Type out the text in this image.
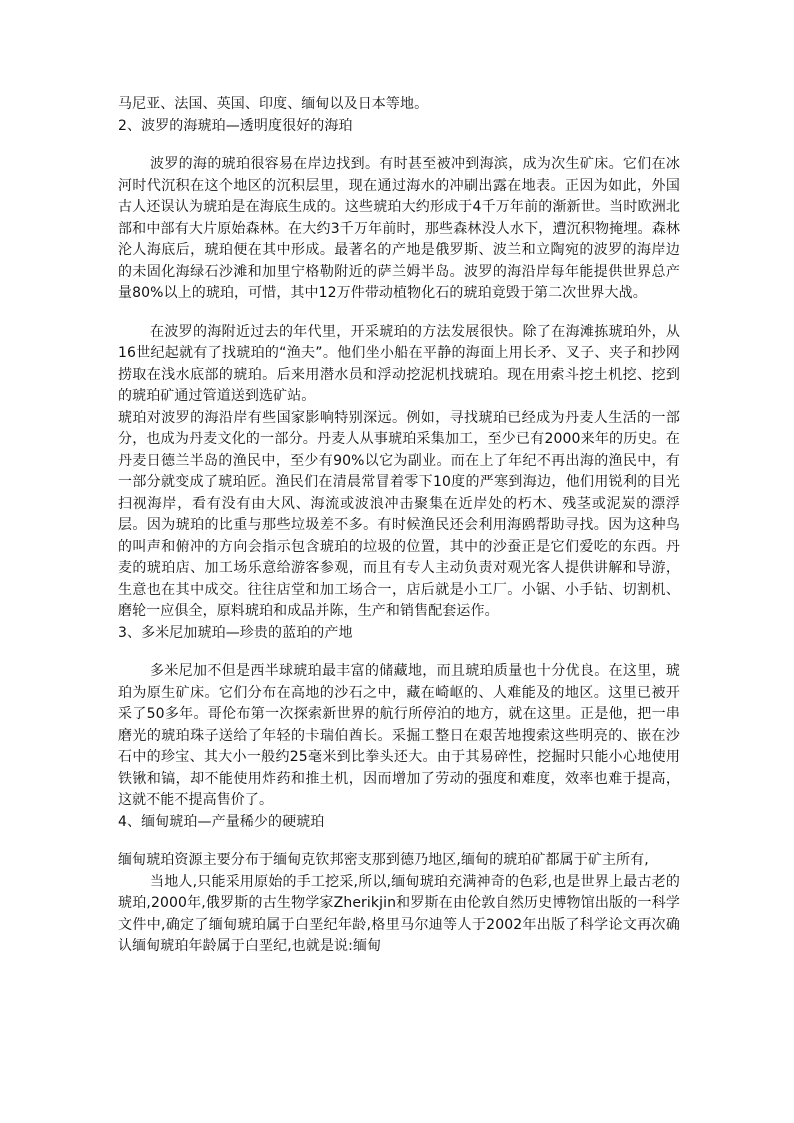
马尼亚、法国、英国、印度、缅甸以及日本等地。

2、波罗的海琥珀—透明度很好的海珀

波罗的海的琥珀很容易在岸边找到。有时甚至被冲到海滨，成为次生矿床。它们在冰河时代沉积在这个地区的沉积层里，现在通过海水的冲刷出露在地表。正因为如此，外国古人还误认为琥珀是在海底生成的。这些琥珀大约形成于4千万年前的渐新世。当时欧洲北部和中部有大片原始森林。在大约3千万年前时，那些森林没人水下，遭沉积物掩埋。森林沦人海底后，琥珀便在其中形成。最著名的产地是俄罗斯、波兰和立陶宛的波罗的海岸边的未固化海绿石沙滩和加里宁格勒附近的萨兰姆半岛。波罗的海沿岸每年能提供世界总产量80%以上的琥珀，可惜，其中12万件带动植物化石的琥珀竟毁于第二次世界大战。

在波罗的海附近过去的年代里，开采琥珀的方法发展很快。除了在海滩拣琥珀外，从16世纪起就有了找琥珀的“渔夫”。他们坐小船在平静的海面上用长矛、叉子、夹子和抄网捞取在浅水底部的琥珀。后来用潜水员和浮动挖泥机找琥珀。现在用索斗挖土机挖、挖到的琥珀矿通过管道送到选矿站。

琥珀对波罗的海沿岸有些国家影响特别深远。例如，寻找琥珀已经成为丹麦人生活的一部分，也成为丹麦文化的一部分。丹麦人从事琥珀采集加工，至少已有2000来年的历史。在丹麦日德兰半岛的渔民中，至少有90%以它为副业。而在上了年纪不再出海的渔民中，有一部分就变成了琥珀匠。渔民们在清晨常冒着零下10度的严寒到海边，他们用锐利的目光扫视海岸，看有没有由大风、海流或波浪冲击聚集在近岸处的朽木、残茎或泥炭的漂浮层。因为琥珀的比重与那些垃圾差不多。有时候渔民还会利用海鸥帮助寻找。因为这种鸟的叫声和俯冲的方向会指示包含琥珀的垃圾的位置，其中的沙蚕正是它们爱吃的东西。丹麦的琥珀店、加工场乐意给游客参观，而且有专人主动负责对观光客人提供讲解和导游，生意也在其中成交。往往店堂和加工场合一，店后就是小工厂。小锯、小手钻、切割机、磨轮一应俱全，原料琥珀和成品并陈，生产和销售配套运作。

3、多米尼加琥珀—珍贵的蓝珀的产地

多米尼加不但是西半球琥珀最丰富的储藏地，而且琥珀质量也十分优良。在这里，琥珀为原生矿床。它们分布在高地的沙石之中，藏在崎岖的、人难能及的地区。这里已被开采了50多年。哥伦布第一次探索新世界的航行所停泊的地方，就在这里。正是他，把一串磨光的琥珀珠子送给了年轻的卡瑞伯酋长。采掘工整日在艰苦地搜索这些明亮的、嵌在沙石中的珍宝、其大小一般约25毫米到比拳头还大。由于其易碎性，挖掘时只能小心地使用铁锹和镐，却不能使用炸药和推土机，因而增加了劳动的强度和难度，效率也难于提高，这就不能不提高售价了。

4、缅甸琥珀—产量稀少的硬琥珀

缅甸琥珀资源主要分布于缅甸克钦邦密支那到德乃地区,缅甸的琥珀矿都属于矿主所有,

当地人,只能采用原始的手工挖采,所以,缅甸琥珀充满神奇的色彩,也是世界上最古老的琥珀,2000年,俄罗斯的古生物学家Zherikjin和罗斯在由伦敦自然历史博物馆出版的一科学文件中,确定了缅甸琥珀属于白垩纪年龄,格里马尔迪等人于2002年出版了科学论文再次确认缅甸琥珀年龄属于白垩纪,也就是说:缅甸
